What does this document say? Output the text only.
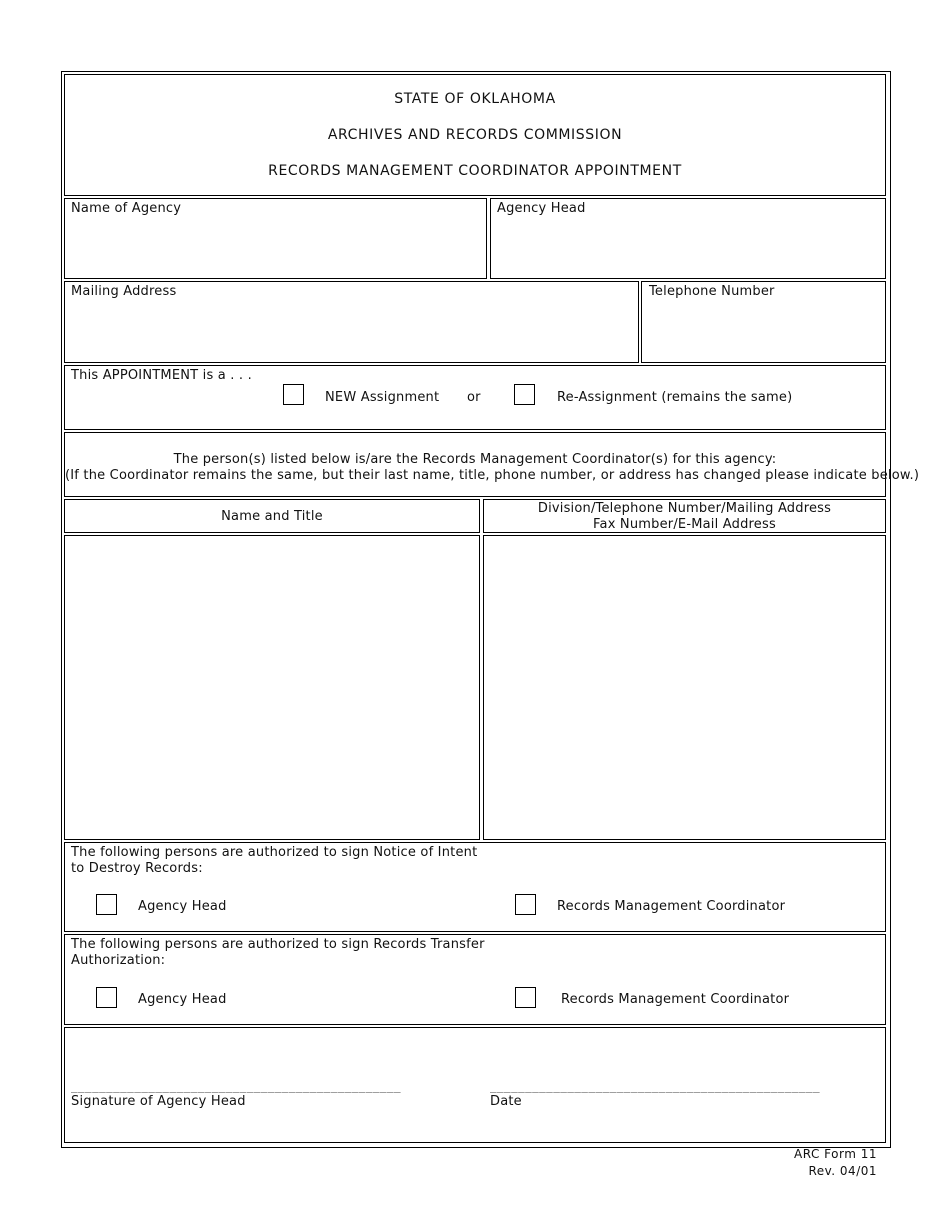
STATE OF OKLAHOMA
ARCHIVES AND RECORDS COMMISSION
RECORDS MANAGEMENT COORDINATOR APPOINTMENT
Name of Agency	Agency Head
Mailing Address	Telephone Number
This APPOINTMENT is a . . .
NEW Assignment or	Re-Assignment (remains the same)
The person(s) listed below is/are the Records Management Coordinator(s) for this agency:
(If the Coordinator remains the same, but their last name, title, phone number, or address has changed please indicate below.)
Name and Title
Division/Telephone Number/Mailing Address
Fax Number/E-Mail Address
The following persons are authorized to sign Notice of Intent
to Destroy Records:
Agency Head	Records Management Coordinator
The following persons are authorized to sign Records Transfer
Authorization:
Agency Head	Records Management Coordinator
_______________________________________________	_______________________________________________
Signature of Agency Head	Date
ARC Form 11
Rev. 04/01
